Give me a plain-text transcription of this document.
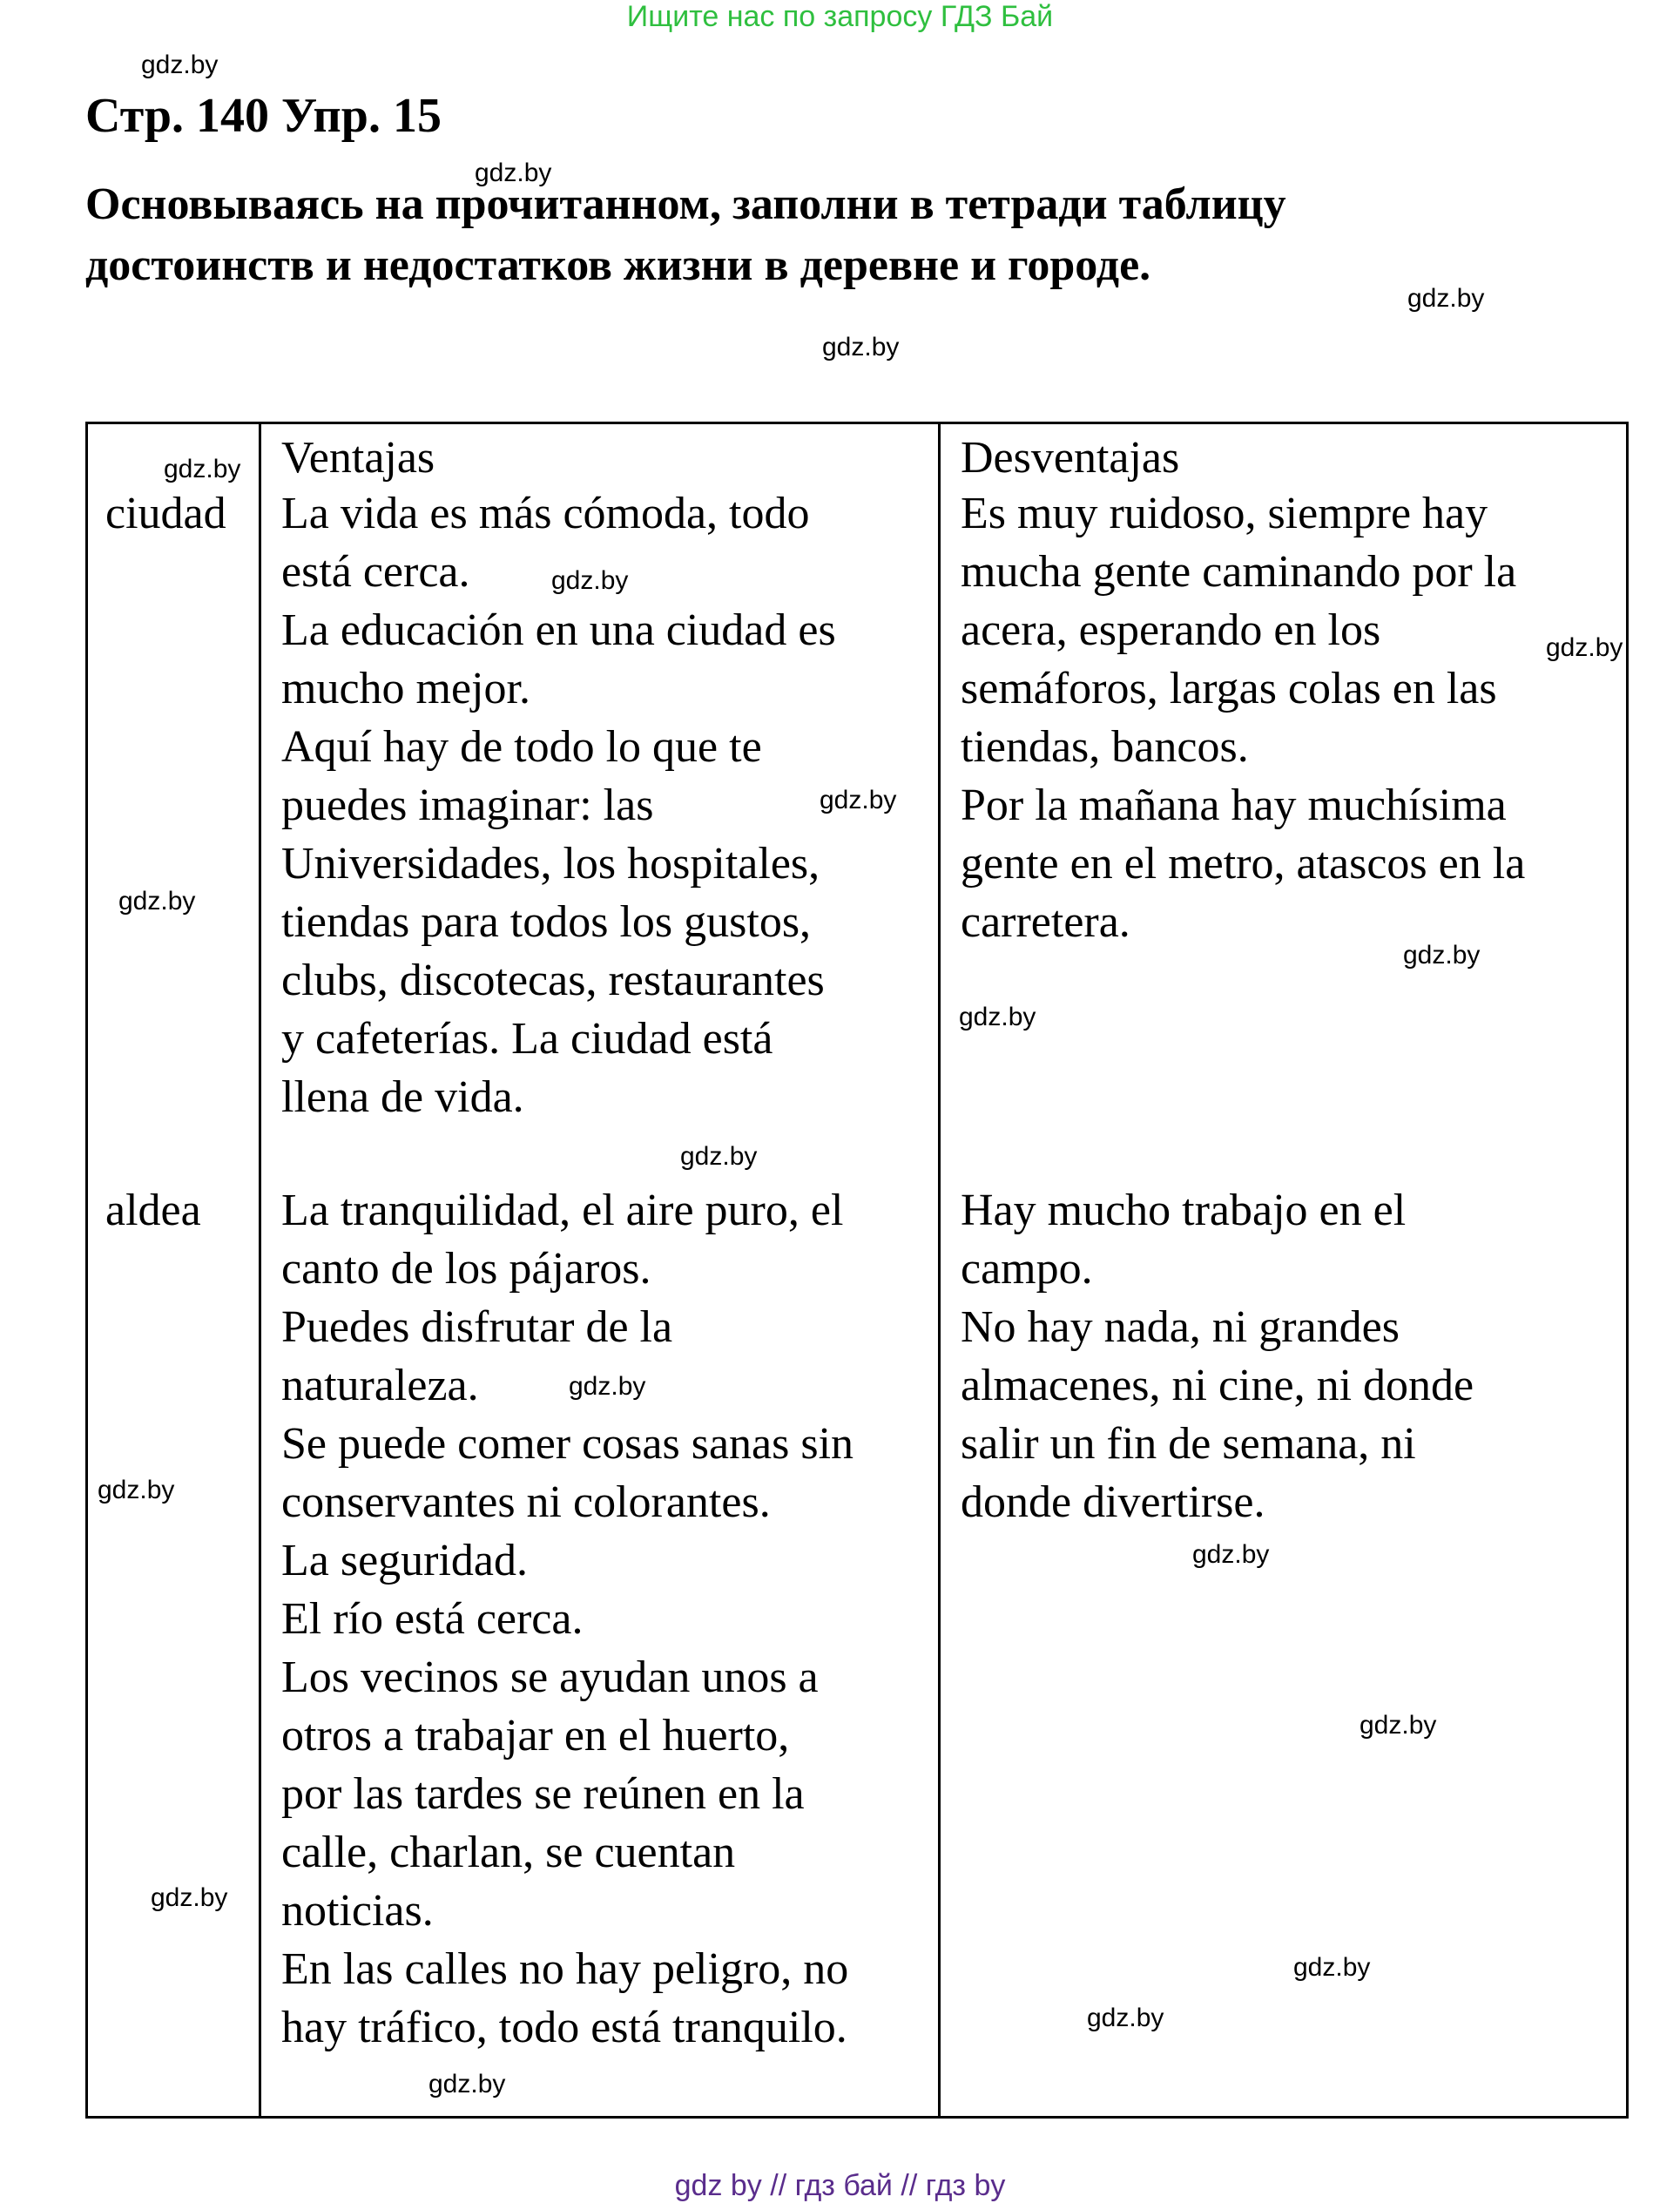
Ищите нас по запросу ГДЗ Бай
Стр. 140 Упр. 15
Основываясь на прочитанном, заполни в тетради таблицу
достоинств и недостатков жизни в деревне и городе.
Ventajas	Desventajas
ciudad
aldea
La vida es más cómoda, todo
está cerca.
La educación en una ciudad es
mucho mejor.
Aquí hay de todo lo que te
puedes imaginar: las
Universidades, los hospitales,
tiendas para todos los gustos,
clubs, discotecas, restaurantes
y cafeterías. La ciudad está
llena de vida.
Es muy ruidoso, siempre hay
mucha gente caminando por la
acera, esperando en los
semáforos, largas colas en las
tiendas, bancos.
Por la mañana hay muchísima
gente en el metro, atascos en la
carretera.
La tranquilidad, el aire puro, el
canto de los pájaros.
Puedes disfrutar de la
naturaleza.
Se puede comer cosas sanas sin
conservantes ni colorantes.
La seguridad.
El río está cerca.
Los vecinos se ayudan unos a
otros a trabajar en el huerto,
por las tardes se reúnen en la
calle, charlan, se cuentan
noticias.
En las calles no hay peligro, no
hay tráfico, todo está tranquilo.
Hay mucho trabajo en el
campo.
No hay nada, ni grandes
almacenes, ni cine, ni donde
salir un fin de semana, ni
donde divertirse.
gdz.by
gdz.by
gdz.by
gdz.by
gdz.by
gdz.by
gdz.by
gdz.by
gdz.by
gdz.by
gdz.by
gdz.by
gdz.by
gdz.by
gdz.by
gdz.by
gdz.by
gdz.by
gdz.by
gdz.by
gdz by // гдз бай // гдз by
